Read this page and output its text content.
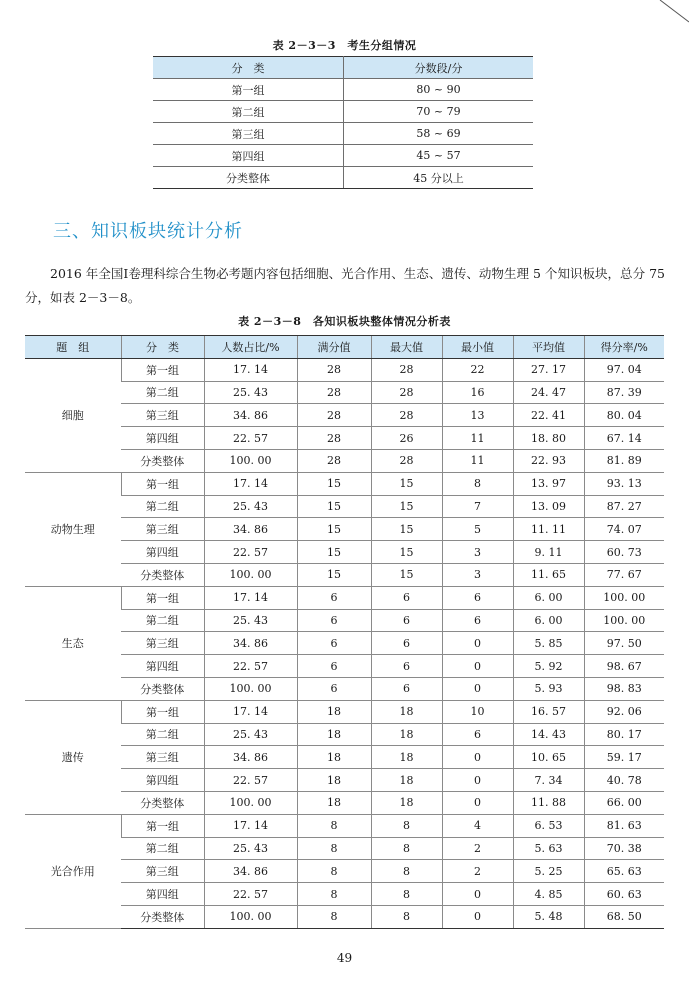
表 2－3－3　考生分组情况
分　类	分数段/分
第一组	80 ~ 90
第二组	70 ~ 79
第三组	58 ~ 69
第四组	45 ~ 57
分类整体	45 分以上
三、知识板块统计分析

2016 年全国Ⅰ卷理科综合生物必考题内容包括细胞、光合作用、生态、遗传、动物生理 5 个知识板块，总分 75 分，如表 2－3－8。

表 2－3－8　各知识板块整体情况分析表
题　组	分　类	人数占比/%	满分值	最大值	最小值	平均值	得分率/%
细胞	第一组	17. 14	28	28	22	27. 17	97. 04
	第二组	25. 43	28	28	16	24. 47	87. 39
	第三组	34. 86	28	28	13	22. 41	80. 04
	第四组	22. 57	28	26	11	18. 80	67. 14
	分类整体	100. 00	28	28	11	22. 93	81. 89
动物生理	第一组	17. 14	15	15	8	13. 97	93. 13
	第二组	25. 43	15	15	7	13. 09	87. 27
	第三组	34. 86	15	15	5	11. 11	74. 07
	第四组	22. 57	15	15	3	9. 11	60. 73
	分类整体	100. 00	15	15	3	11. 65	77. 67
生态	第一组	17. 14	6	6	6	6. 00	100. 00
	第二组	25. 43	6	6	6	6. 00	100. 00
	第三组	34. 86	6	6	0	5. 85	97. 50
	第四组	22. 57	6	6	0	5. 92	98. 67
	分类整体	100. 00	6	6	0	5. 93	98. 83
遗传	第一组	17. 14	18	18	10	16. 57	92. 06
	第二组	25. 43	18	18	6	14. 43	80. 17
	第三组	34. 86	18	18	0	10. 65	59. 17
	第四组	22. 57	18	18	0	7. 34	40. 78
	分类整体	100. 00	18	18	0	11. 88	66. 00
光合作用	第一组	17. 14	8	8	4	6. 53	81. 63
	第二组	25. 43	8	8	2	5. 63	70. 38
	第三组	34. 86	8	8	2	5. 25	65. 63
	第四组	22. 57	8	8	0	4. 85	60. 63
	分类整体	100. 00	8	8	0	5. 48	68. 50
49
